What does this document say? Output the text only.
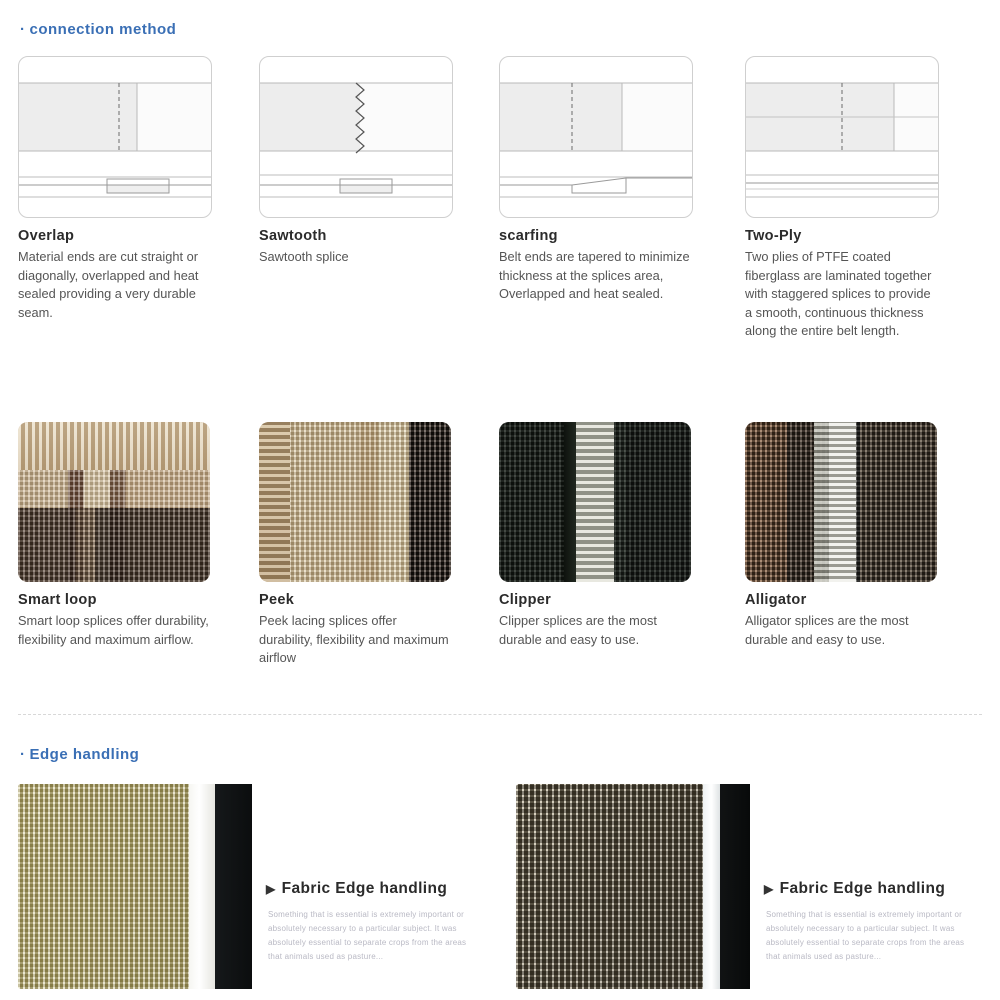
· connection method
Overlap

Material ends are cut straight or diagonally, overlapped and heat sealed providing a very durable seam.

Sawtooth

Sawtooth splice

scarfing

Belt ends are tapered to minimize thickness at the splices area, Overlapped and heat sealed.

Two-Ply

Two plies of PTFE coated fiberglass are laminated together with staggered splices to provide a smooth, continuous thickness along the entire belt length.

Smart loop

Smart loop splices offer durability, flexibility and maximum airflow.

Peek

Peek lacing splices offer durability, flexibility and maximum airflow

Clipper

Clipper splices are the most durable and easy to use.

Alligator

Alligator splices are the most durable and easy to use.

· Edge handling
▶ Fabric Edge handling
Something that is essential is extremely important or absolutely necessary to a particular subject. It was absolutely essential to separate crops from the areas that animals used as pasture...
▶ Fabric Edge handling
Something that is essential is extremely important or absolutely necessary to a particular subject. It was absolutely essential to separate crops from the areas that animals used as pasture...
